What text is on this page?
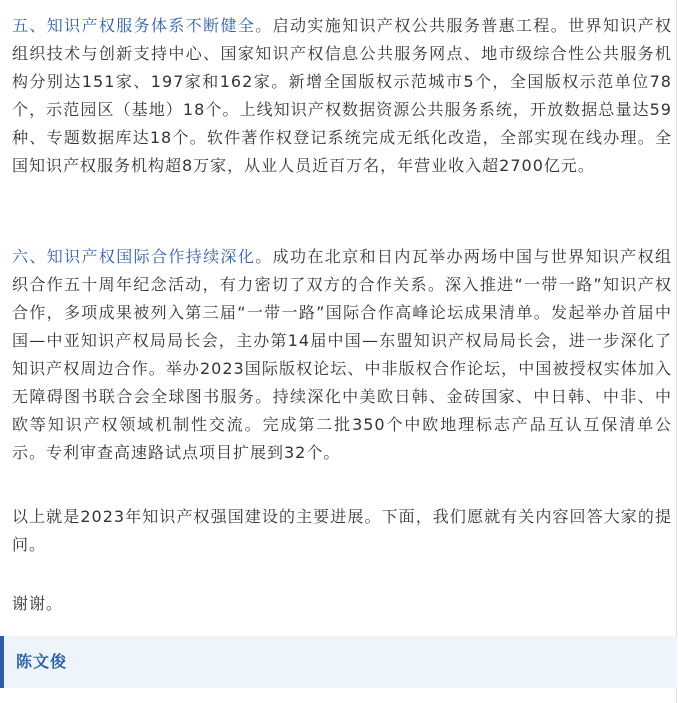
五、知识产权服务体系不断健全。启动实施知识产权公共服务普惠工程。世界知识产权组织技术与创新支持中心、国家知识产权信息公共服务网点、地市级综合性公共服务机构分别达151家、197家和162家。新增全国版权示范城市5个，全国版权示范单位78个，示范园区（基地）18个。上线知识产权数据资源公共服务系统，开放数据总量达59种、专题数据库达18个。软件著作权登记系统完成无纸化改造，全部实现在线办理。全国知识产权服务机构超8万家，从业人员近百万名，年营业收入超2700亿元。

六、知识产权国际合作持续深化。成功在北京和日内瓦举办两场中国与世界知识产权组织合作五十周年纪念活动，有力密切了双方的合作关系。深入推进“一带一路”知识产权合作，多项成果被列入第三届“一带一路”国际合作高峰论坛成果清单。发起举办首届中国—中亚知识产权局局长会，主办第14届中国—东盟知识产权局局长会，进一步深化了知识产权周边合作。举办2023国际版权论坛、中非版权合作论坛，中国被授权实体加入无障碍图书联合会全球图书服务。持续深化中美欧日韩、金砖国家、中日韩、中非、中欧等知识产权领域机制性交流。完成第二批350个中欧地理标志产品互认互保清单公示。专利审查高速路试点项目扩展到32个。

以上就是2023年知识产权强国建设的主要进展。下面，我们愿就有关内容回答大家的提问。

谢谢。

陈文俊
